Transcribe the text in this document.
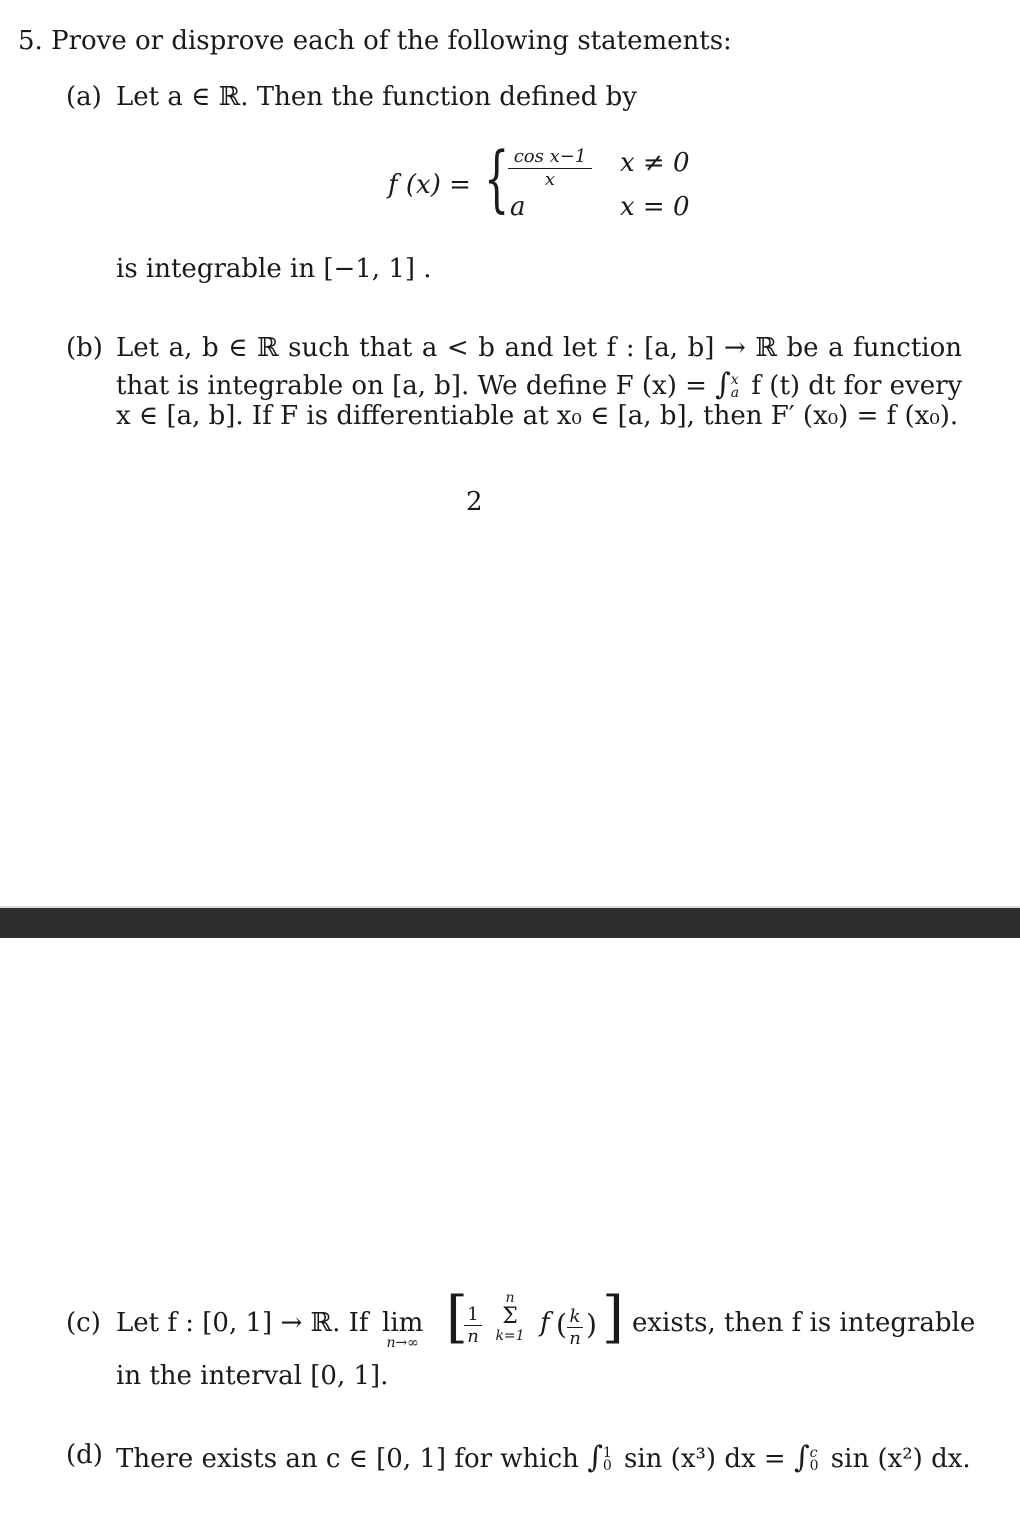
5. Prove or disprove each of the following statements:
(a) Let a ∈ ℝ. Then the function defined by
f (x) = {
$\frac{\text{cos x−1}}{x}$ x ≠ 0
a	x = 0
is integrable in [−1, 1] .
(b) Let a, b ∈ ℝ such that a < b and let f : [a, b] → ℝ be a function
that is integrable on [a, b]. We define F (x) = ∫ x
a f (t) dt for every
x ∈ [a, b]. If F is differentiable at x₀ ∈ [a, b], then F′ (x₀) = f (x₀).
2
(c) Let f : [0, 1] → ℝ. If lim
n→∞ [
$\frac{1}{n}$
n
Σ
k=1 f ( $\frac{k}{n}$ ) ] exists, then f is integrable
in the interval [0, 1].
(d) There exists an c ∈ [0, 1] for which ∫ 1
0 sin (x³) dx = ∫ c
0 sin (x²) dx.
